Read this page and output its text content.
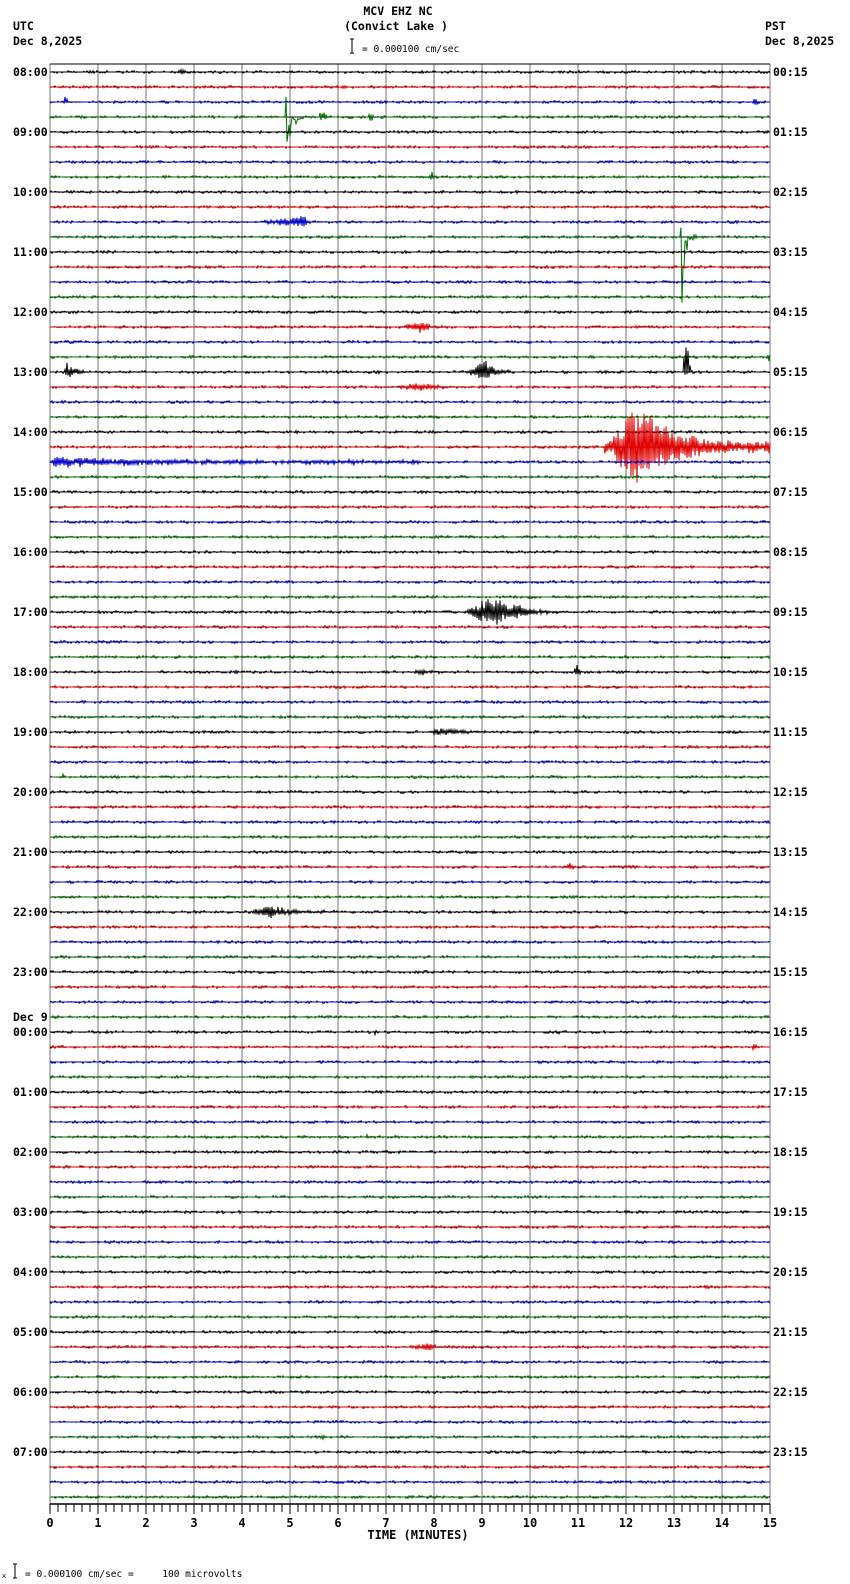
MCV EHZ NC
(Convict Lake )
= 0.000100 cm/sec
UTC
Dec 8,2025
PST
Dec 8,2025
08:00
09:00
10:00
11:00
12:00
13:00
14:00
15:00
16:00
17:00
18:00
19:00
20:00
21:00
22:00
23:00
Dec 9
00:00
01:00
02:00
03:00
04:00
05:00
06:00
07:00
00:15
01:15
02:15
03:15
04:15
05:15
06:15
07:15
08:15
09:15
10:15
11:15
12:15
13:15
14:15
15:15
16:15
17:15
18:15
19:15
20:15
21:15
22:15
23:15
0	1	2	3	4	5	6	7	8	9	10	11	12	13	14	15
TIME (MINUTES)
x = 0.000100 cm/sec =     100 microvolts
